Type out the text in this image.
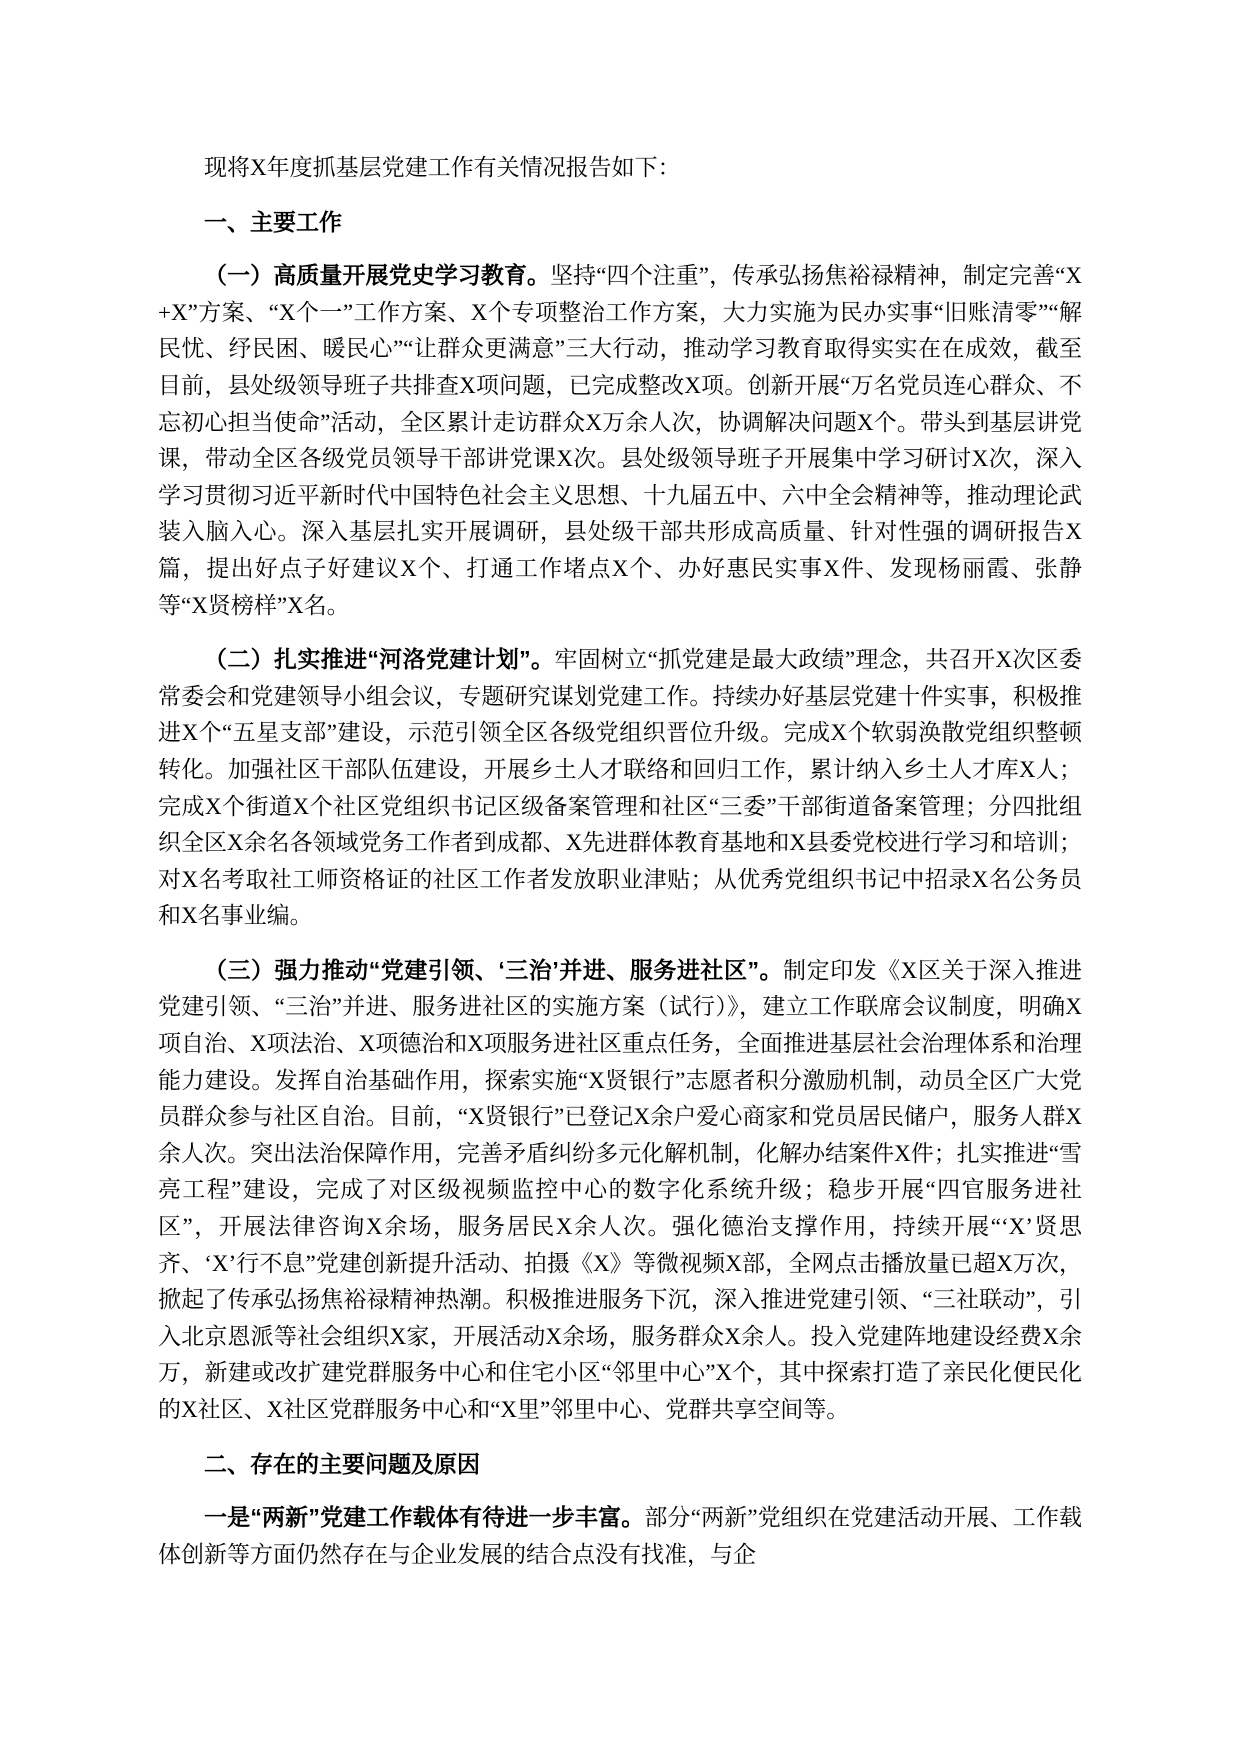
现将X年度抓基层党建工作有关情况报告如下：

一、主要工作

（一）高质量开展党史学习教育。坚持“四个注重”，传承弘扬焦裕禄精神，制定完善“X+X”方案、“X个一”工作方案、X个专项整治工作方案，大力实施为民办实事“旧账清零”“解民忧、纾民困、暖民心”“让群众更满意”三大行动，推动学习教育取得实实在在成效，截至目前，县处级领导班子共排查X项问题，已完成整改X项。创新开展“万名党员连心群众、不忘初心担当使命”活动，全区累计走访群众X万余人次，协调解决问题X个。带头到基层讲党课，带动全区各级党员领导干部讲党课X次。县处级领导班子开展集中学习研讨X次，深入学习贯彻习近平新时代中国特色社会主义思想、十九届五中、六中全会精神等，推动理论武装入脑入心。深入基层扎实开展调研，县处级干部共形成高质量、针对性强的调研报告X篇，提出好点子好建议X个、打通工作堵点X个、办好惠民实事X件、发现杨丽霞、张静等“X贤榜样”X名。

（二）扎实推进“河洛党建计划”。牢固树立“抓党建是最大政绩”理念，共召开X次区委常委会和党建领导小组会议，专题研究谋划党建工作。持续办好基层党建十件实事，积极推进X个“五星支部”建设，示范引领全区各级党组织晋位升级。完成X个软弱涣散党组织整顿转化。加强社区干部队伍建设，开展乡土人才联络和回归工作，累计纳入乡土人才库X人；完成X个街道X个社区党组织书记区级备案管理和社区“三委”干部街道备案管理；分四批组织全区X余名各领域党务工作者到成都、X先进群体教育基地和X县委党校进行学习和培训；对X名考取社工师资格证的社区工作者发放职业津贴；从优秀党组织书记中招录X名公务员和X名事业编。

（三）强力推动“党建引领、‘三治’并进、服务进社区”。制定印发《X区关于深入推进党建引领、“三治”并进、服务进社区的实施方案（试行）》，建立工作联席会议制度，明确X项自治、X项法治、X项德治和X项服务进社区重点任务，全面推进基层社会治理体系和治理能力建设。发挥自治基础作用，探索实施“X贤银行”志愿者积分激励机制，动员全区广大党员群众参与社区自治。目前，“X贤银行”已登记X余户爱心商家和党员居民储户，服务人群X余人次。突出法治保障作用，完善矛盾纠纷多元化解机制，化解办结案件X件；扎实推进“雪亮工程”建设，完成了对区级视频监控中心的数字化系统升级；稳步开展“四官服务进社区”，开展法律咨询X余场，服务居民X余人次。强化德治支撑作用，持续开展“‘X’贤思齐、‘X’行不息”党建创新提升活动、拍摄《X》等微视频X部，全网点击播放量已超X万次，掀起了传承弘扬焦裕禄精神热潮。积极推进服务下沉，深入推进党建引领、“三社联动”，引入北京恩派等社会组织X家，开展活动X余场，服务群众X余人。投入党建阵地建设经费X余万，新建或改扩建党群服务中心和住宅小区“邻里中心”X个，其中探索打造了亲民化便民化的X社区、X社区党群服务中心和“X里”邻里中心、党群共享空间等。

二、存在的主要问题及原因

一是“两新”党建工作载体有待进一步丰富。部分“两新”党组织在党建活动开展、工作载体创新等方面仍然存在与企业发展的结合点没有找准，与企
